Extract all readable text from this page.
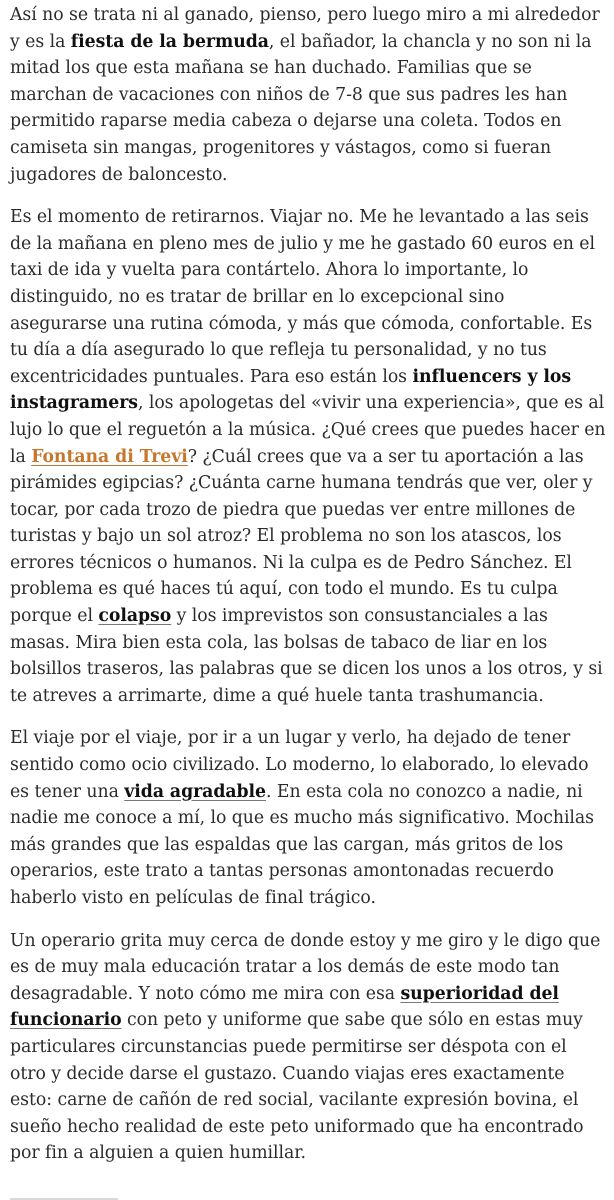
Así no se trata ni al ganado, pienso, pero luego miro a mi alrededor y es la fiesta de la bermuda, el bañador, la chancla y no son ni la mitad los que esta mañana se han duchado. Familias que se marchan de vacaciones con niños de 7-8 que sus padres les han permitido raparse media cabeza o dejarse una coleta. Todos en camiseta sin mangas, progenitores y vástagos, como si fueran jugadores de baloncesto.

Es el momento de retirarnos. Viajar no. Me he levantado a las seis de la mañana en pleno mes de julio y me he gastado 60 euros en el taxi de ida y vuelta para contártelo. Ahora lo importante, lo distinguido, no es tratar de brillar en lo excepcional sino asegurarse una rutina cómoda, y más que cómoda, confortable. Es tu día a día asegurado lo que refleja tu personalidad, y no tus excentricidades puntuales. Para eso están los influencers y los instagramers, los apologetas del «vivir una experiencia», que es al lujo lo que el reguetón a la música. ¿Qué crees que puedes hacer en la Fontana di Trevi? ¿Cuál crees que va a ser tu aportación a las pirámides egipcias? ¿Cuánta carne humana tendrás que ver, oler y tocar, por cada trozo de piedra que puedas ver entre millones de turistas y bajo un sol atroz? El problema no son los atascos, los errores técnicos o humanos. Ni la culpa es de Pedro Sánchez. El problema es qué haces tú aquí, con todo el mundo. Es tu culpa porque el colapso y los imprevistos son consustanciales a las masas. Mira bien esta cola, las bolsas de tabaco de liar en los bolsillos traseros, las palabras que se dicen los unos a los otros, y si te atreves a arrimarte, dime a qué huele tanta trashumancia.

El viaje por el viaje, por ir a un lugar y verlo, ha dejado de tener sentido como ocio civilizado. Lo moderno, lo elaborado, lo elevado es tener una vida agradable. En esta cola no conozco a nadie, ni nadie me conoce a mí, lo que es mucho más significativo. Mochilas más grandes que las espaldas que las cargan, más gritos de los operarios, este trato a tantas personas amontonadas recuerdo haberlo visto en películas de final trágico.

Un operario grita muy cerca de donde estoy y me giro y le digo que es de muy mala educación tratar a los demás de este modo tan desagradable. Y noto cómo me mira con esa superioridad del funcionario con peto y uniforme que sabe que sólo en estas muy particulares circunstancias puede permitirse ser déspota con el otro y decide darse el gustazo. Cuando viajas eres exactamente esto: carne de cañón de red social, vacilante expresión bovina, el sueño hecho realidad de este peto uniformado que ha encontrado por fin a alguien a quien humillar.
